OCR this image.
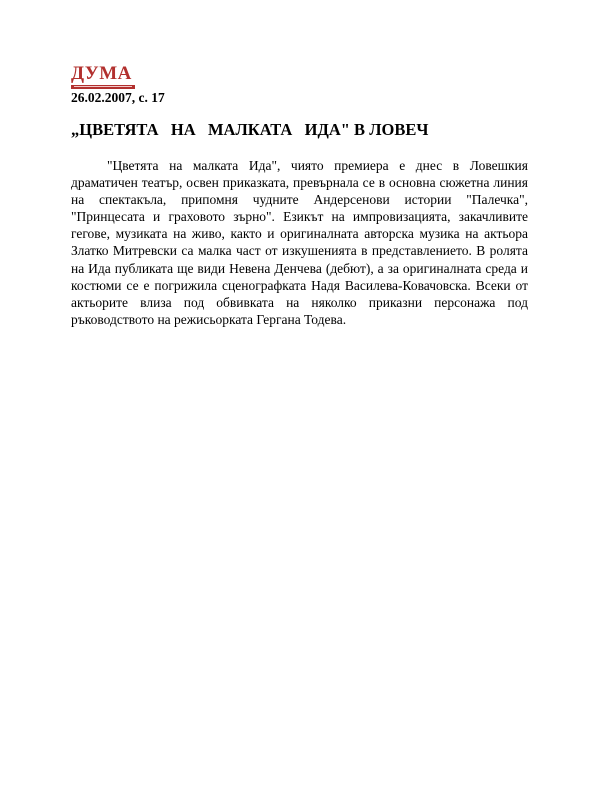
ДУМА
26.02.2007, с. 17
„ЦВЕТЯТА   НА   МАЛКАТА   ИДА" В ЛОВЕЧ

"Цветята на малката Ида", чиято премиера е днес в Ловешкия драматичен театър, освен приказката, превърнала се в основна сюжетна линия на спектакъла, припомня чудните Андерсенови истории "Палечка", "Принцесата и граховото зърно". Езикът на импровизацията, закачливите гегове, музиката на живо, както и оригиналната авторска музика на актьора Златко Митревски са малка част от изкушенията в представлението. В ролята на Ида публиката ще види Невена Денчева (дебют), а за оригиналната среда и костюми се е погрижила сценографката Надя Василева-Ковачовска. Всеки от актьорите влиза под обвивката на няколко приказни персонажа под ръководството на режисьорката Гергана Тодева.
